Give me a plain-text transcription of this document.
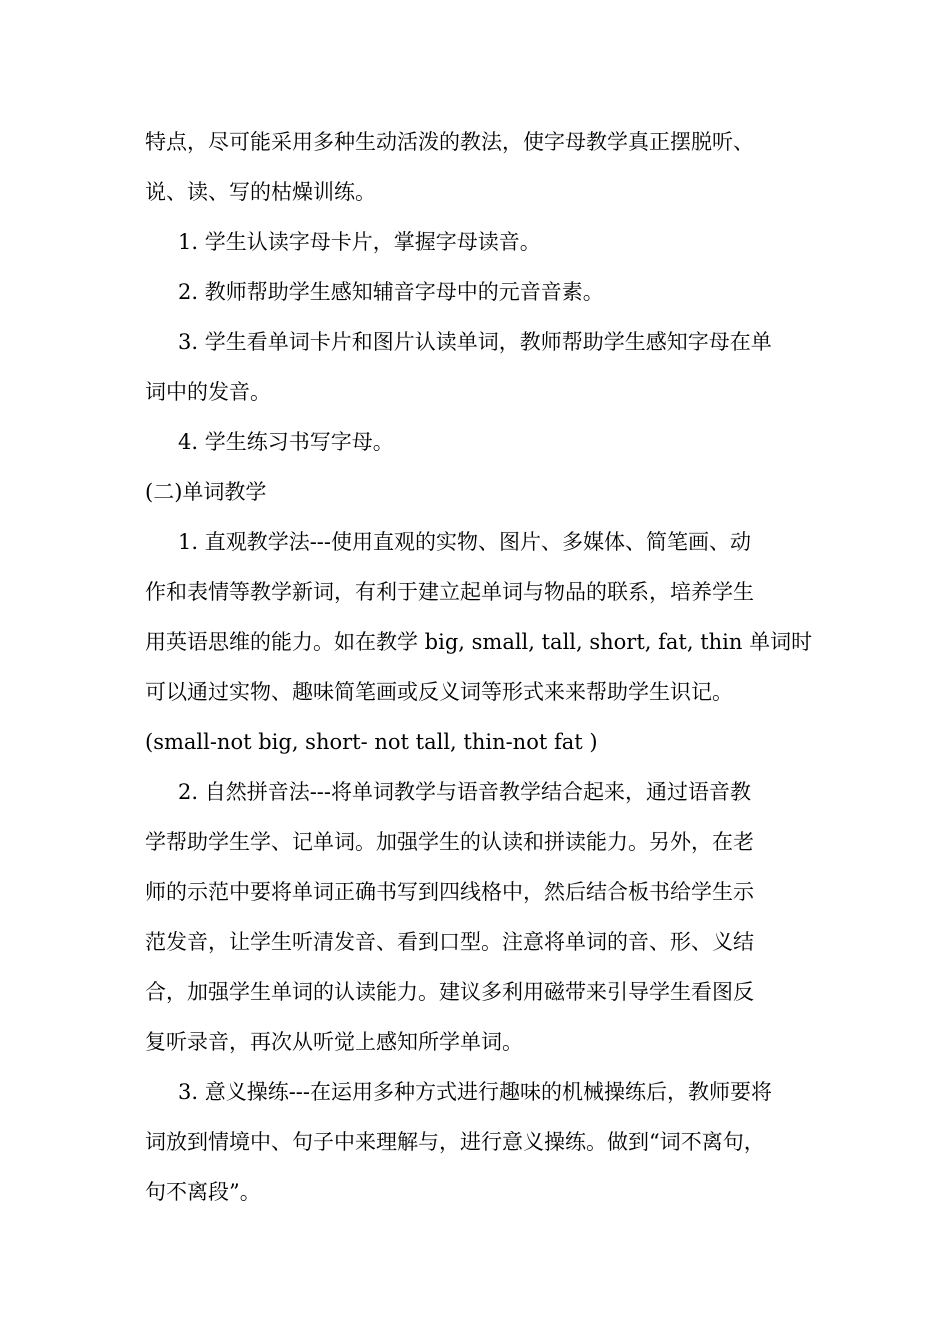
特点，尽可能采用多种生动活泼的教法，使字母教学真正摆脱听、
说、读、写的枯燥训练。
1. 学生认读字母卡片，掌握字母读音。
2. 教师帮助学生感知辅音字母中的元音音素。
3. 学生看单词卡片和图片认读单词，教师帮助学生感知字母在单
词中的发音。
4. 学生练习书写字母。
(二)单词教学
1. 直观教学法---使用直观的实物、图片、多媒体、简笔画、动
作和表情等教学新词，有利于建立起单词与物品的联系，培养学生
用英语思维的能力。如在教学 big, small, tall, short, fat, thin 单词时
可以通过实物、趣味简笔画或反义词等形式来来帮助学生识记。
(small-not big, short- not tall, thin-not fat )
2. 自然拼音法---将单词教学与语音教学结合起来，通过语音教
学帮助学生学、记单词。加强学生的认读和拼读能力。另外，在老
师的示范中要将单词正确书写到四线格中，然后结合板书给学生示
范发音，让学生听清发音、看到口型。注意将单词的音、形、义结
合，加强学生单词的认读能力。建议多利用磁带来引导学生看图反
复听录音，再次从听觉上感知所学单词。
3. 意义操练---在运用多种方式进行趣味的机械操练后，教师要将
词放到情境中、句子中来理解与，进行意义操练。做到“词不离句，
句不离段”。
